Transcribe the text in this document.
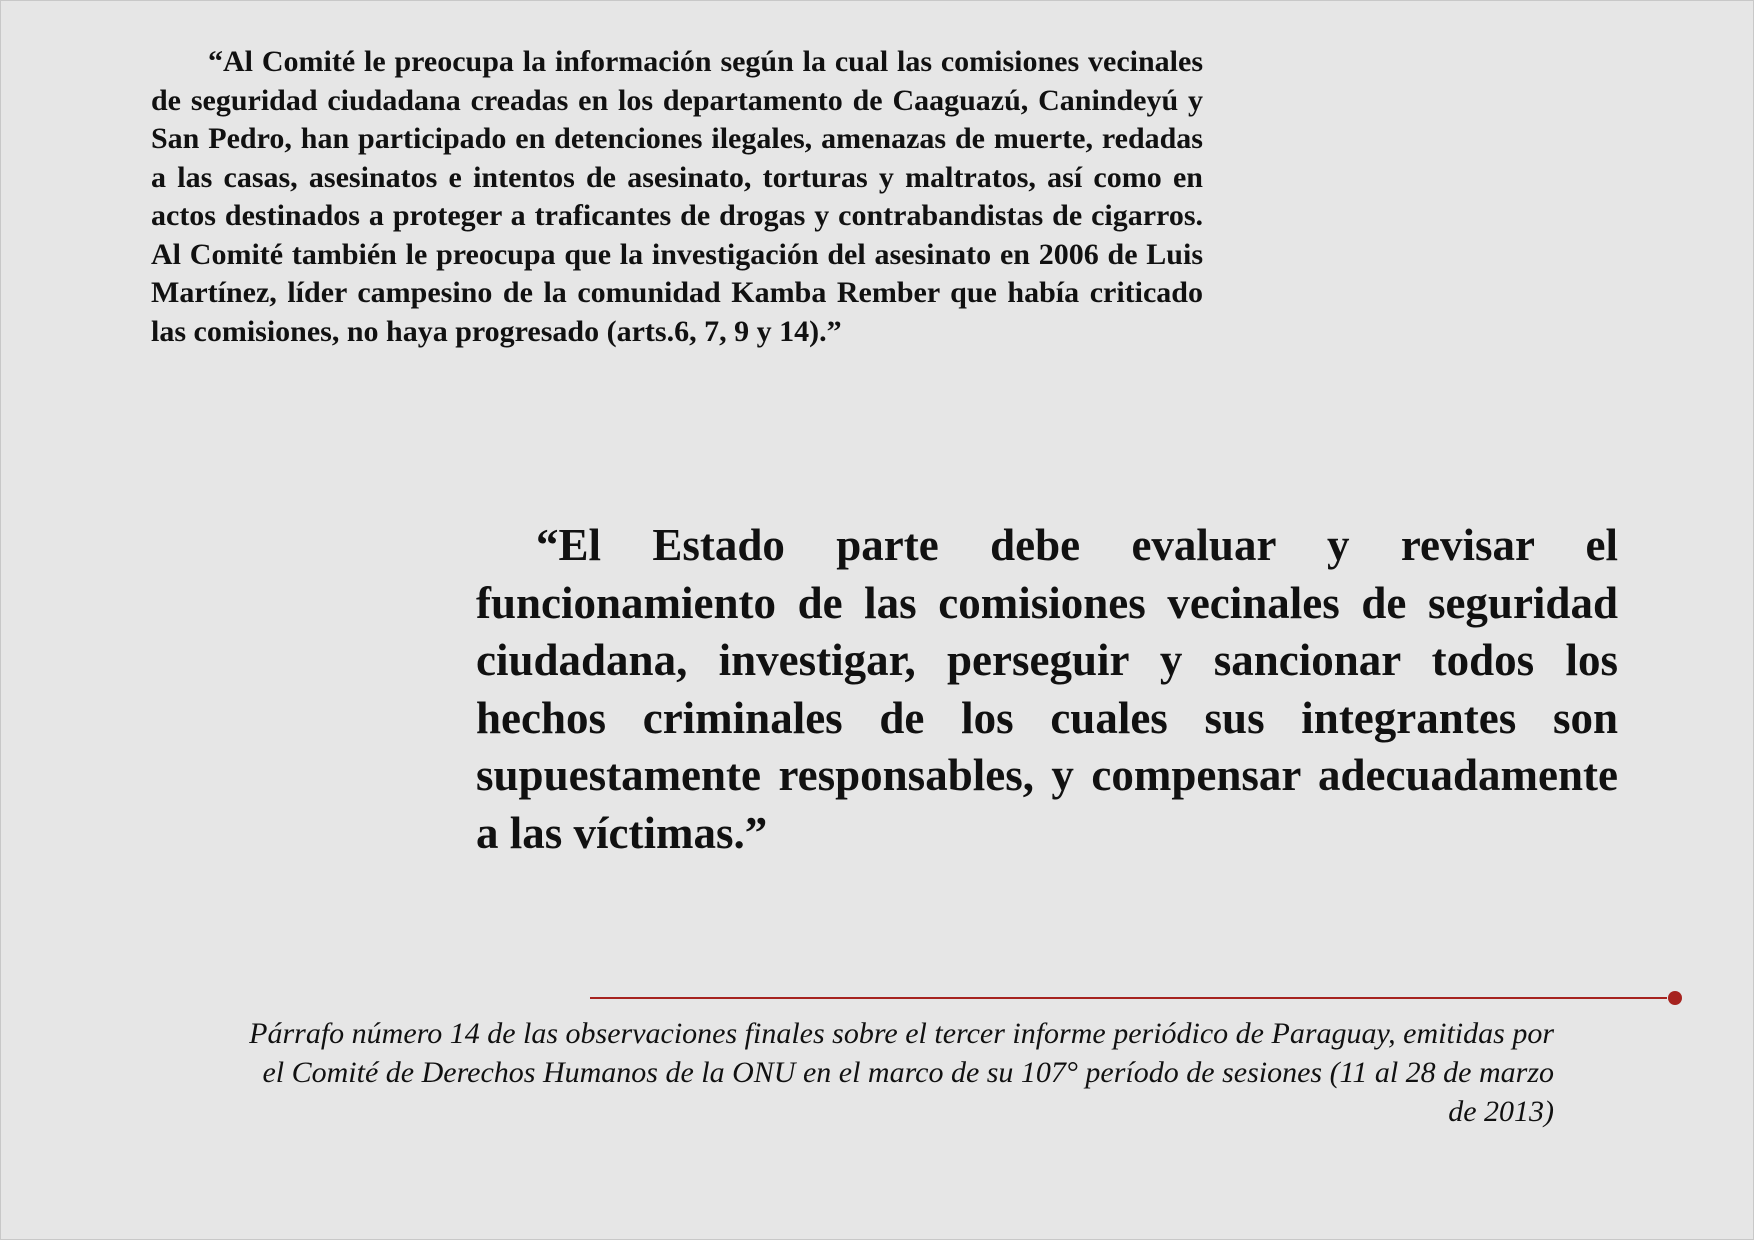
“Al Comité le preocupa la información según la cual las comisiones vecinales de seguridad ciudadana creadas en los departamento de Caaguazú, Canindeyú y San Pedro, han participado en detenciones ilegales, amenazas de muerte, redadas a las casas, asesinatos e intentos de asesinato, torturas y maltratos, así como en actos destinados a proteger a traficantes de drogas y contrabandistas de cigarros. Al Comité también le preocupa que la investigación del asesinato en 2006 de Luis Martínez, líder campesino de la comunidad Kamba Rember que había criticado las comisiones, no haya progresado (arts.6, 7, 9 y 14).”

“El Estado parte debe evaluar y revisar el funcionamiento de las comisiones vecinales de seguridad ciudadana, investigar, perseguir y sancionar todos los hechos criminales de los cuales sus integrantes son supuestamente responsables, y compensar adecuadamente a las víctimas.”

Párrafo número 14 de las observaciones finales sobre el tercer informe periódico de Paraguay, emitidas por el Comité de Derechos Humanos de la ONU en el marco de su 107° período de sesiones (11 al 28 de marzo de 2013)
